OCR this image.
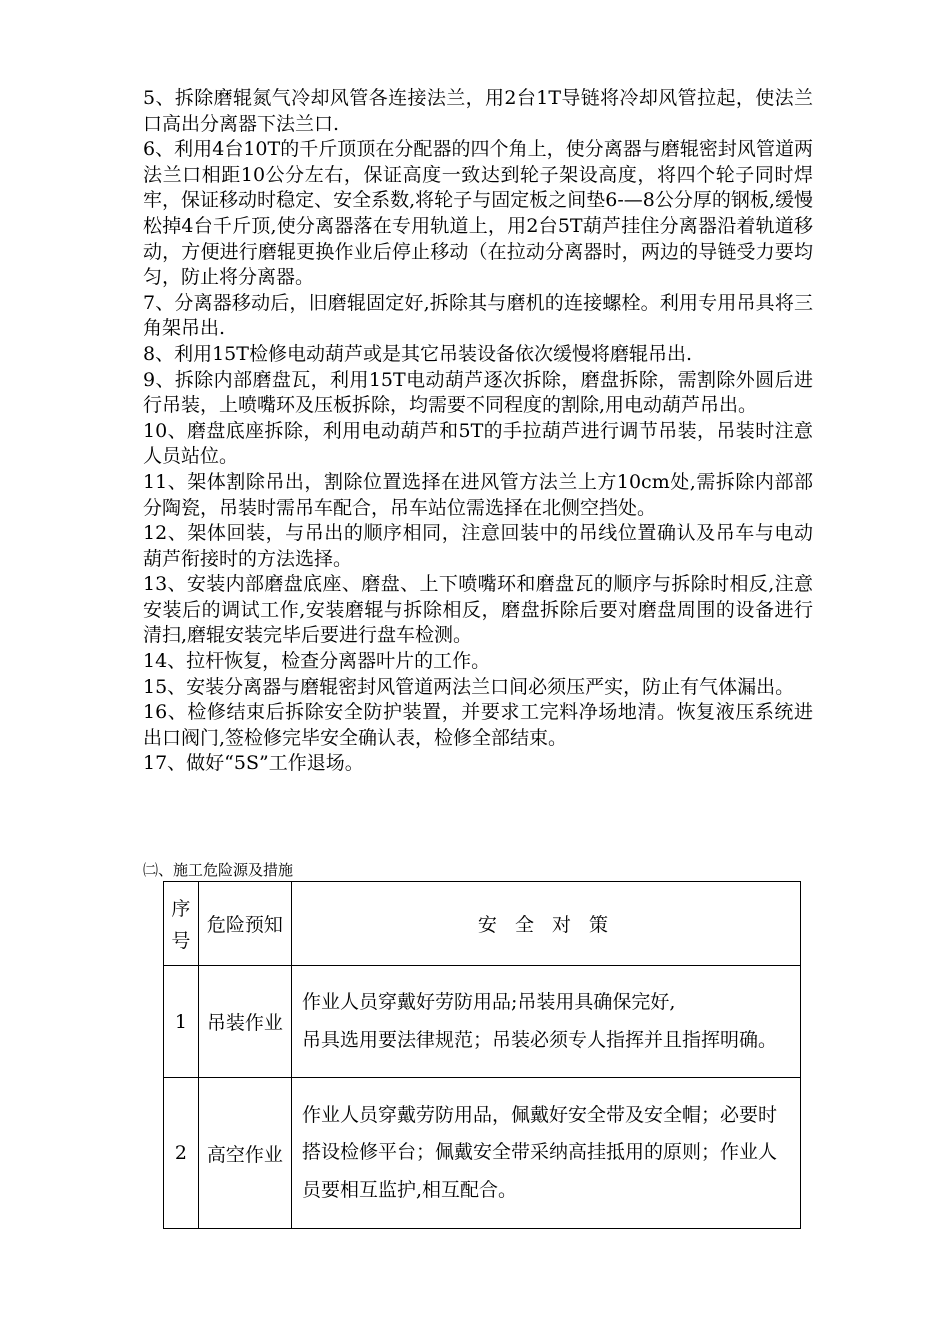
5、拆除磨辊氮气冷却风管各连接法兰，用2台1T导链将冷却风管拉起，使法兰口高出分离器下法兰口.

6、利用4台10T的千斤顶顶在分配器的四个角上，使分离器与磨辊密封风管道两法兰口相距10公分左右，保证高度一致达到轮子架设高度，将四个轮子同时焊牢，保证移动时稳定、安全系数,将轮子与固定板之间垫6-—8公分厚的钢板,缓慢松掉4台千斤顶,使分离器落在专用轨道上，用2台5T葫芦挂住分离器沿着轨道移动，方便进行磨辊更换作业后停止移动（在拉动分离器时，两边的导链受力要均匀，防止将分离器。

7、分离器移动后，旧磨辊固定好,拆除其与磨机的连接螺栓。利用专用吊具将三角架吊出.

8、利用15T检修电动葫芦或是其它吊装设备依次缓慢将磨辊吊出.

9、拆除内部磨盘瓦，利用15T电动葫芦逐次拆除，磨盘拆除，需割除外圆后进行吊装，上喷嘴环及压板拆除，均需要不同程度的割除,用电动葫芦吊出。

10、磨盘底座拆除，利用电动葫芦和5T的手拉葫芦进行调节吊装，吊装时注意人员站位。

11、架体割除吊出，割除位置选择在进风管方法兰上方10cm处,需拆除内部部分陶瓷，吊装时需吊车配合，吊车站位需选择在北侧空挡处。

12、架体回装，与吊出的顺序相同，注意回装中的吊线位置确认及吊车与电动葫芦衔接时的方法选择。

13、安装内部磨盘底座、磨盘、上下喷嘴环和磨盘瓦的顺序与拆除时相反,注意安装后的调试工作,安装磨辊与拆除相反，磨盘拆除后要对磨盘周围的设备进行清扫,磨辊安装完毕后要进行盘车检测。

14、拉杆恢复，检查分离器叶片的工作。

15、安装分离器与磨辊密封风管道两法兰口间必须压严实，防止有气体漏出。

16、检修结束后拆除安全防护装置，并要求工完料净场地清。恢复液压系统进出口阀门,签检修完毕安全确认表，检修全部结束。

17、做好“5S”工作退场。

㈡、施工危险源及措施
序号	危险预知	安 全 对 策
1	吊装作业	作业人员穿戴好劳防用品;吊装用具确保完好,
吊具选用要法律规范；吊装必须专人指挥并且指挥明确。

2	高空作业	作业人员穿戴劳防用品，佩戴好安全带及安全帽；必要时搭设检修平台；佩戴安全带采纳高挂抵用的原则；作业人员要相互监护,相互配合。
